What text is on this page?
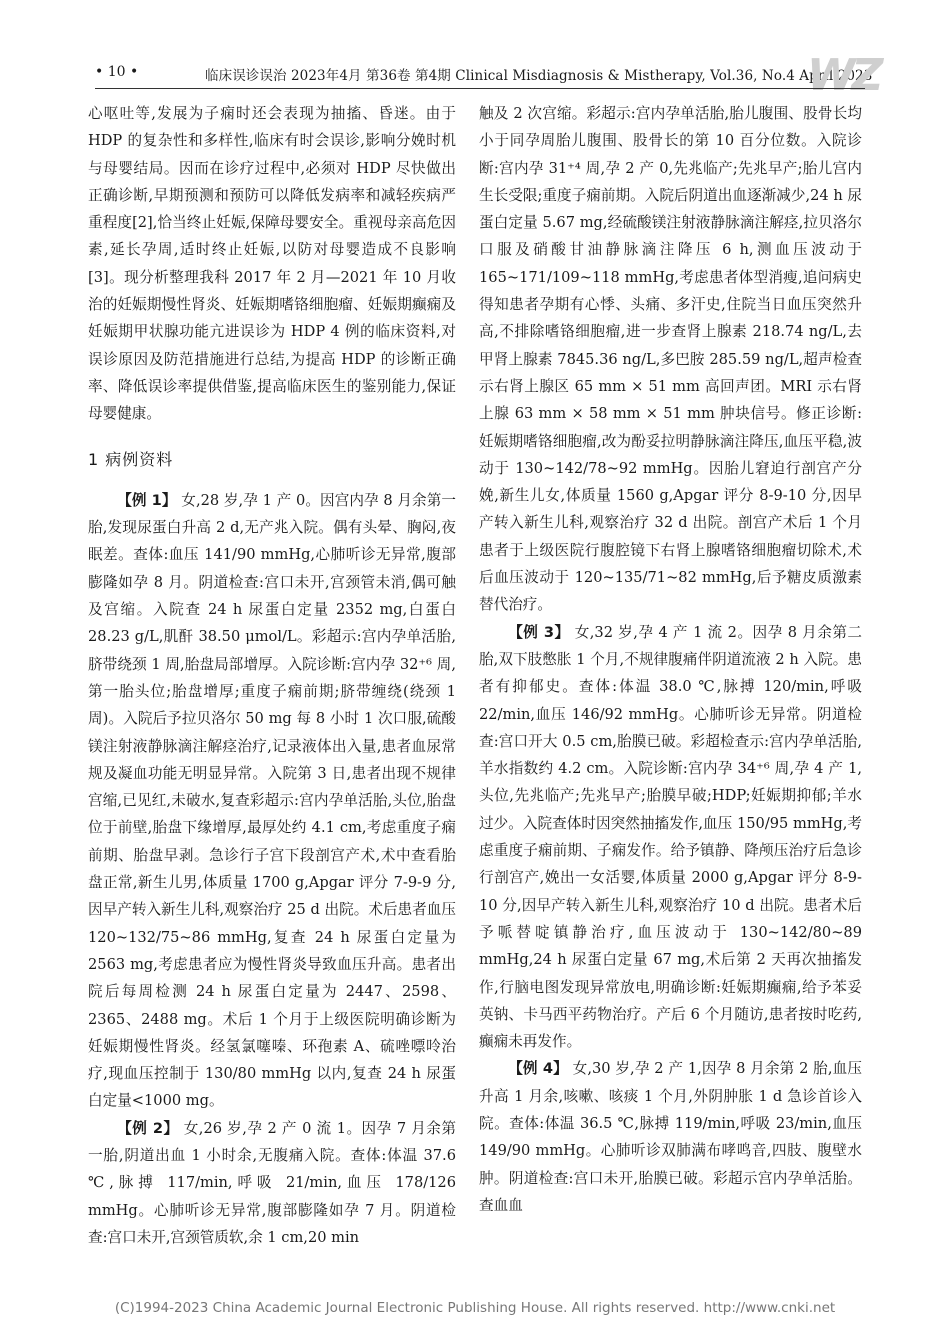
• 10 •	临床误诊误治 2023年4月 第36卷 第4期 Clinical Misdiagnosis & Mistherapy, Vol.36, No.4 April 2023
WZ

心呕吐等,发展为子痫时还会表现为抽搐、昏迷。由于 HDP 的复杂性和多样性,临床有时会误诊,影响分娩时机与母婴结局。因而在诊疗过程中,必须对 HDP 尽快做出正确诊断,早期预测和预防可以降低发病率和减轻疾病严重程度[2],恰当终止妊娠,保障母婴安全。重视母亲高危因素,延长孕周,适时终止妊娠,以防对母婴造成不良影响[3]。现分析整理我科 2017 年 2 月—2021 年 10 月收治的妊娠期慢性肾炎、妊娠期嗜铬细胞瘤、妊娠期癫痫及妊娠期甲状腺功能亢进误诊为 HDP 4 例的临床资料,对误诊原因及防范措施进行总结,为提高 HDP 的诊断正确率、降低误诊率提供借鉴,提高临床医生的鉴别能力,保证母婴健康。

1 病例资料

【例 1】 女,28 岁,孕 1 产 0。因宫内孕 8 月余第一胎,发现尿蛋白升高 2 d,无产兆入院。偶有头晕、胸闷,夜眠差。查体:血压 141/90 mmHg,心肺听诊无异常,腹部膨隆如孕 8 月。阴道检查:宫口未开,宫颈管未消,偶可触及宫缩。入院查 24 h 尿蛋白定量 2352 mg,白蛋白 28.23 g/L,肌酐 38.50 μmol/L。彩超示:宫内孕单活胎,脐带绕颈 1 周,胎盘局部增厚。入院诊断:宫内孕 32⁺⁶ 周,第一胎头位;胎盘增厚;重度子痫前期;脐带缠绕(绕颈 1 周)。入院后予拉贝洛尔 50 mg 每 8 小时 1 次口服,硫酸镁注射液静脉滴注解痉治疗,记录液体出入量,患者血尿常规及凝血功能无明显异常。入院第 3 日,患者出现不规律宫缩,已见红,未破水,复查彩超示:宫内孕单活胎,头位,胎盘位于前壁,胎盘下缘增厚,最厚处约 4.1 cm,考虑重度子痫前期、胎盘早剥。急诊行子宫下段剖宫产术,术中查看胎盘正常,新生儿男,体质量 1700 g,Apgar 评分 7-9-9 分,因早产转入新生儿科,观察治疗 25 d 出院。术后患者血压 120~132/75~86 mmHg,复查 24 h 尿蛋白定量为 2563 mg,考虑患者应为慢性肾炎导致血压升高。患者出院后每周检测 24 h 尿蛋白定量为 2447、2598、2365、2488 mg。术后 1 个月于上级医院明确诊断为妊娠期慢性肾炎。经氢氯噻嗪、环孢素 A、硫唑嘌呤治疗,现血压控制于 130/80 mmHg 以内,复查 24 h 尿蛋白定量<1000 mg。

【例 2】 女,26 岁,孕 2 产 0 流 1。因孕 7 月余第一胎,阴道出血 1 小时余,无腹痛入院。查体:体温 37.6 ℃,脉搏 117/min,呼吸 21/min,血压 178/126 mmHg。心肺听诊无异常,腹部膨隆如孕 7 月。阴道检查:宫口未开,宫颈管质软,余 1 cm,20 min

触及 2 次宫缩。彩超示:宫内孕单活胎,胎儿腹围、股骨长均小于同孕周胎儿腹围、股骨长的第 10 百分位数。入院诊断:宫内孕 31⁺⁴ 周,孕 2 产 0,先兆临产;先兆早产;胎儿宫内生长受限;重度子痫前期。入院后阴道出血逐渐减少,24 h 尿蛋白定量 5.67 mg,经硫酸镁注射液静脉滴注解痉,拉贝洛尔口服及硝酸甘油静脉滴注降压 6 h,测血压波动于 165~171/109~118 mmHg,考虑患者体型消瘦,追问病史得知患者孕期有心悸、头痛、多汗史,住院当日血压突然升高,不排除嗜铬细胞瘤,进一步查肾上腺素 218.74 ng/L,去甲肾上腺素 7845.36 ng/L,多巴胺 285.59 ng/L,超声检查示右肾上腺区 65 mm × 51 mm 高回声团。MRI 示右肾上腺 63 mm × 58 mm × 51 mm 肿块信号。修正诊断:妊娠期嗜铬细胞瘤,改为酚妥拉明静脉滴注降压,血压平稳,波动于 130~142/78~92 mmHg。因胎儿窘迫行剖宫产分娩,新生儿女,体质量 1560 g,Apgar 评分 8-9-10 分,因早产转入新生儿科,观察治疗 32 d 出院。剖宫产术后 1 个月患者于上级医院行腹腔镜下右肾上腺嗜铬细胞瘤切除术,术后血压波动于 120~135/71~82 mmHg,后予糖皮质激素替代治疗。

【例 3】 女,32 岁,孕 4 产 1 流 2。因孕 8 月余第二胎,双下肢憋胀 1 个月,不规律腹痛伴阴道流液 2 h 入院。患者有抑郁史。查体:体温 38.0 ℃,脉搏 120/min,呼吸 22/min,血压 146/92 mmHg。心肺听诊无异常。阴道检查:宫口开大 0.5 cm,胎膜已破。彩超检查示:宫内孕单活胎,羊水指数约 4.2 cm。入院诊断:宫内孕 34⁺⁶ 周,孕 4 产 1,头位,先兆临产;先兆早产;胎膜早破;HDP;妊娠期抑郁;羊水过少。入院查体时因突然抽搐发作,血压 150/95 mmHg,考虑重度子痫前期、子痫发作。给予镇静、降颅压治疗后急诊行剖宫产,娩出一女活婴,体质量 2000 g,Apgar 评分 8-9-10 分,因早产转入新生儿科,观察治疗 10 d 出院。患者术后予哌替啶镇静治疗,血压波动于 130~142/80~89 mmHg,24 h 尿蛋白定量 67 mg,术后第 2 天再次抽搐发作,行脑电图发现异常放电,明确诊断:妊娠期癫痫,给予苯妥英钠、卡马西平药物治疗。产后 6 个月随访,患者按时吃药,癫痫未再发作。

【例 4】 女,30 岁,孕 2 产 1,因孕 8 月余第 2 胎,血压升高 1 月余,咳嗽、咳痰 1 个月,外阴肿胀 1 d 急诊首诊入院。查体:体温 36.5 ℃,脉搏 119/min,呼吸 23/min,血压 149/90 mmHg。心肺听诊双肺满布哮鸣音,四肢、腹壁水肿。阴道检查:宫口未开,胎膜已破。彩超示宫内孕单活胎。查血血

(C)1994-2023 China Academic Journal Electronic Publishing House. All rights reserved. http://www.cnki.net
